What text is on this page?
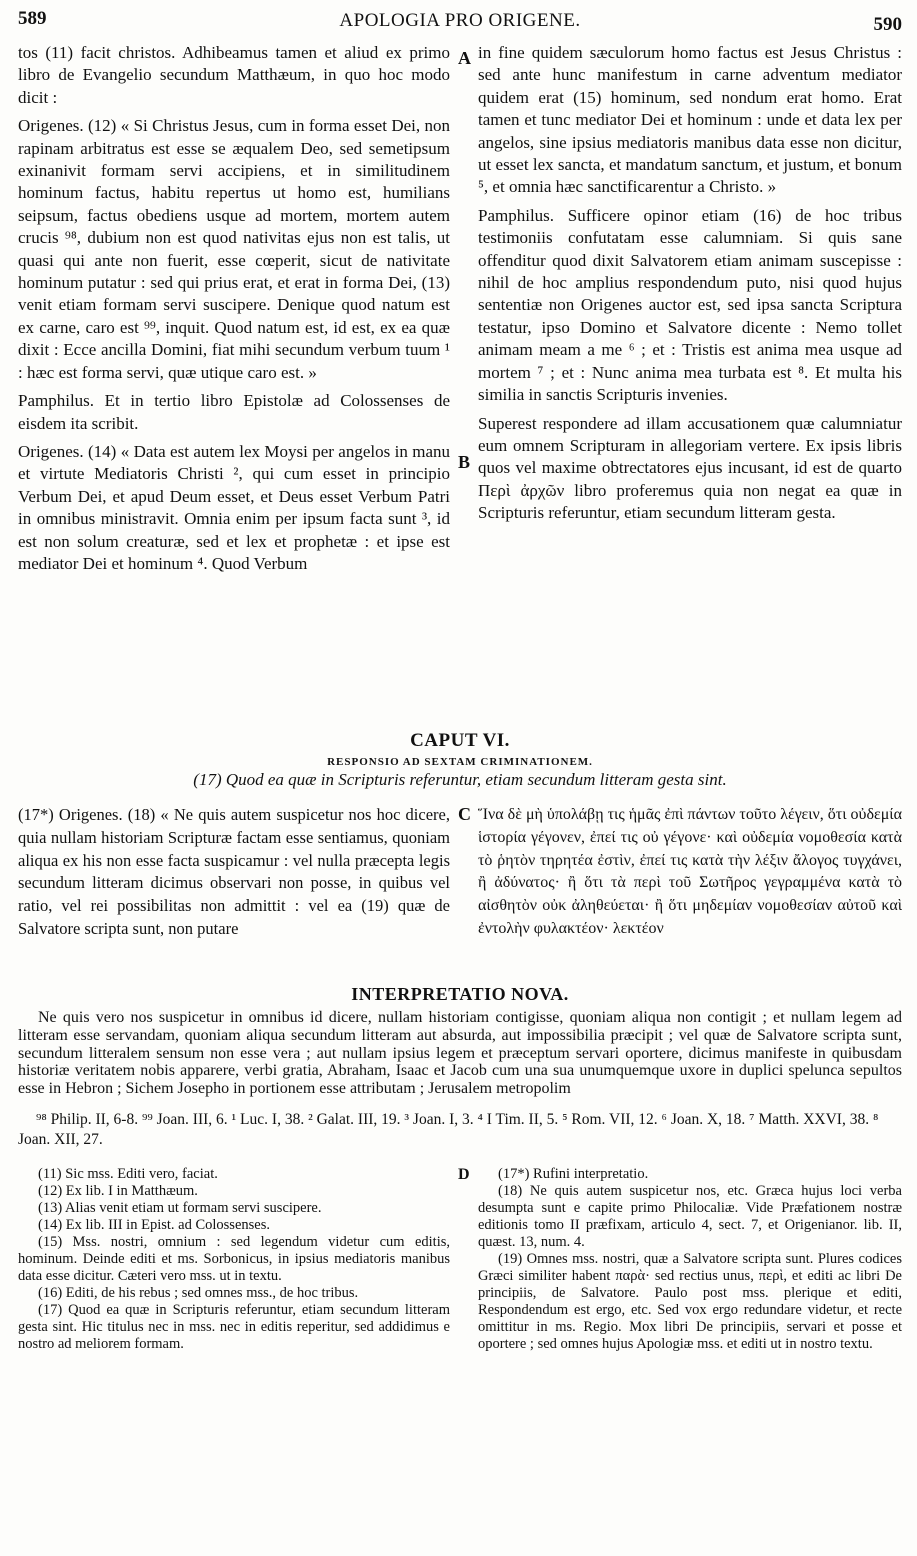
589	APOLOGIA PRO ORIGENE.	590

tos (11) facit christos. Adhibeamus tamen et aliud ex primo libro de Evangelio secundum Matthæum, in quo hoc modo dicit :

Origenes. (12) « Si Christus Jesus, cum in forma esset Dei, non rapinam arbitratus est esse se æqualem Deo, sed semetipsum exinanivit formam servi accipiens, et in similitudinem hominum factus, habitu repertus ut homo est, humilians seipsum, factus obediens usque ad mortem, mortem autem crucis ⁹⁸, dubium non est quod nativitas ejus non est talis, ut quasi qui ante non fuerit, esse cœperit, sicut de nativitate hominum putatur : sed qui prius erat, et erat in forma Dei, (13) venit etiam formam servi suscipere. Denique quod natum est ex carne, caro est ⁹⁹, inquit. Quod natum est, id est, ex ea quæ dixit : Ecce ancilla Domini, fiat mihi secundum verbum tuum ¹ : hæc est forma servi, quæ utique caro est. »

Pamphilus. Et in tertio libro Epistolæ ad Colossenses de eisdem ita scribit.

Origenes. (14) « Data est autem lex Moysi per angelos in manu et virtute Mediatoris Christi ², qui cum esset in principio Verbum Dei, et apud Deum esset, et Deus esset Verbum Patri in omnibus ministravit. Omnia enim per ipsum facta sunt ³, id est non solum creaturæ, sed et lex et prophetæ : et ipse est mediator Dei et hominum ⁴. Quod Verbum

A
B

in fine quidem sæculorum homo factus est Jesus Christus : sed ante hunc manifestum in carne adventum mediator quidem erat (15) hominum, sed nondum erat homo. Erat tamen et tunc mediator Dei et hominum : unde et data lex per angelos, sine ipsius mediatoris manibus data esse non dicitur, ut esset lex sancta, et mandatum sanctum, et justum, et bonum ⁵, et omnia hæc sanctificarentur a Christo. »

Pamphilus. Sufficere opinor etiam (16) de hoc tribus testimoniis confutatam esse calumniam. Si quis sane offenditur quod dixit Salvatorem etiam animam suscepisse : nihil de hoc amplius respondendum puto, nisi quod hujus sententiæ non Origenes auctor est, sed ipsa sancta Scriptura testatur, ipso Domino et Salvatore dicente : Nemo tollet animam meam a me ⁶ ; et : Tristis est anima mea usque ad mortem ⁷ ; et : Nunc anima mea turbata est ⁸. Et multa his similia in sanctis Scripturis invenies.

Superest respondere ad illam accusationem quæ calumniatur eum omnem Scripturam in allegoriam vertere. Ex ipsis libris quos vel maxime obtrectatores ejus incusant, id est de quarto Περὶ ἀρχῶν libro proferemus quia non negat ea quæ in Scripturis referuntur, etiam secundum litteram gesta.

CAPUT VI.
RESPONSIO AD SEXTAM CRIMINATIONEM.
(17) Quod ea quæ in Scripturis referuntur, etiam secundum litteram gesta sint.

(17*) Origenes. (18) « Ne quis autem suspicetur nos hoc dicere, quia nullam historiam Scripturæ factam esse sentiamus, quoniam aliqua ex his non esse facta suspicamur : vel nulla præcepta legis secundum litteram dicimus observari non posse, in quibus vel ratio, vel rei possibilitas non admittit : vel ea (19) quæ de Salvatore scripta sunt, non putare

C Ἵνα δὲ μὴ ὑπολάβῃ τις ἡμᾶς ἐπὶ πάντων τοῦτο λέγειν, ὅτι οὐδεμία ἱστορία γέγονεν, ἐπεί τις οὐ γέγονε· καὶ οὐδεμία νομοθεσία κατὰ τὸ ῥητὸν τηρητέα ἐστὶν, ἐπεί τις κατὰ τὴν λέξιν ἄλογος τυγχάνει, ἢ ἀδύνατος· ἢ ὅτι τὰ περὶ τοῦ Σωτῆρος γεγραμμένα κατὰ τὸ αἰσθητὸν οὐκ ἀληθεύεται· ἢ ὅτι μηδεμίαν νομοθεσίαν αὐτοῦ καὶ ἐντολὴν φυλακτέον· λεκτέον

INTERPRETATIO NOVA.

Ne quis vero nos suspicetur in omnibus id dicere, nullam historiam contigisse, quoniam aliqua non contigit ; et nullam legem ad litteram esse servandam, quoniam aliqua secundum litteram aut absurda, aut impossibilia præcipit ; vel quæ de Salvatore scripta sunt, secundum litteralem sensum non esse vera ; aut nullam ipsius legem et præceptum servari oportere, dicimus manifeste in quibusdam historiæ veritatem nobis apparere, verbi gratia, Abraham, Isaac et Jacob cum una sua unumquemque uxore in duplici spelunca sepultos esse in Hebron ; Sichem Josepho in portionem esse attributam ; Jerusalem metropolim

⁹⁸ Philip. II, 6-8. ⁹⁹ Joan. III, 6. ¹ Luc. I, 38. ² Galat. III, 19. ³ Joan. I, 3. ⁴ I Tim. II, 5. ⁵ Rom. VII, 12. ⁶ Joan. X, 18. ⁷ Matth. XXVI, 38. ⁸ Joan. XII, 27.

(11) Sic mss. Editi vero, faciat.

(12) Ex lib. I in Matthæum.

(13) Alias venit etiam ut formam servi suscipere.

(14) Ex lib. III in Epist. ad Colossenses.

(15) Mss. nostri, omnium : sed legendum videtur cum editis, hominum. Deinde editi et ms. Sorbonicus, in ipsius mediatoris manibus data esse dicitur. Cæteri vero mss. ut in textu.

(16) Editi, de his rebus ; sed omnes mss., de hoc tribus.

(17) Quod ea quæ in Scripturis referuntur, etiam secundum litteram gesta sint. Hic titulus nec in mss. nec in editis reperitur, sed addidimus e nostro ad meliorem formam.

D	(17*) Rufini interpretatio.

(18) Ne quis autem suspicetur nos, etc. Græca hujus loci verba desumpta sunt e capite primo Philocaliæ. Vide Præfationem nostræ editionis tomo II præfixam, articulo 4, sect. 7, et Origenianor. lib. II, quæst. 13, num. 4.

(19) Omnes mss. nostri, quæ a Salvatore scripta sunt. Plures codices Græci similiter habent παρὰ· sed rectius unus, περὶ, et editi ac libri De principiis, de Salvatore. Paulo post mss. plerique et editi, Respondendum est ergo, etc. Sed vox ergo redundare videtur, et recte omittitur in ms. Regio. Mox libri De principiis, servari et posse et oportere ; sed omnes hujus Apologiæ mss. et editi ut in nostro textu.
